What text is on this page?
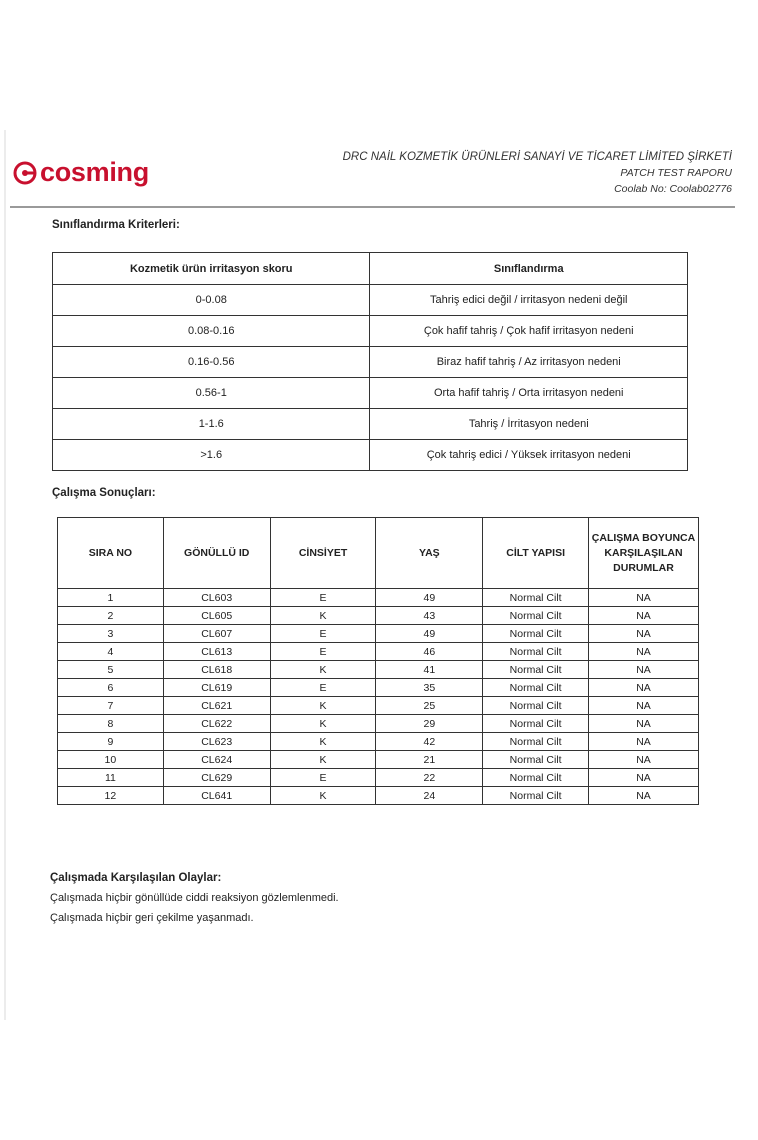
cosming	DRC NAİL KOZMETİK ÜRÜNLERİ SANAYİ VE TİCARET LİMİTED ŞİRKETİ
PATCH TEST RAPORU
Coolab No: Coolab02776
Sınıflandırma Kriterleri:
Kozmetik ürün irritasyon skoru	Sınıflandırma
0-0.08	Tahriş edici değil / irritasyon nedeni değil
0.08-0.16	Çok hafif tahriş / Çok hafif irritasyon nedeni
0.16-0.56	Biraz hafif tahriş / Az irritasyon nedeni
0.56-1	Orta hafif tahriş / Orta irritasyon nedeni
1-1.6	Tahriş / İrritasyon nedeni
>1.6	Çok tahriş edici / Yüksek irritasyon nedeni
Çalışma Sonuçları:
SIRA NO	GÖNÜLLÜ ID	CİNSİYET	YAŞ	CİLT YAPISI	ÇALIŞMA BOYUNCA KARŞILAŞILAN DURUMLAR
1	CL603	E	49	Normal Cilt	NA
2	CL605	K	43	Normal Cilt	NA
3	CL607	E	49	Normal Cilt	NA
4	CL613	E	46	Normal Cilt	NA
5	CL618	K	41	Normal Cilt	NA
6	CL619	E	35	Normal Cilt	NA
7	CL621	K	25	Normal Cilt	NA
8	CL622	K	29	Normal Cilt	NA
9	CL623	K	42	Normal Cilt	NA
10	CL624	K	21	Normal Cilt	NA
11	CL629	E	22	Normal Cilt	NA
12	CL641	K	24	Normal Cilt	NA
Çalışmada Karşılaşılan Olaylar:
Çalışmada hiçbir gönüllüde ciddi reaksiyon gözlemlenmedi.
Çalışmada hiçbir geri çekilme yaşanmadı.
